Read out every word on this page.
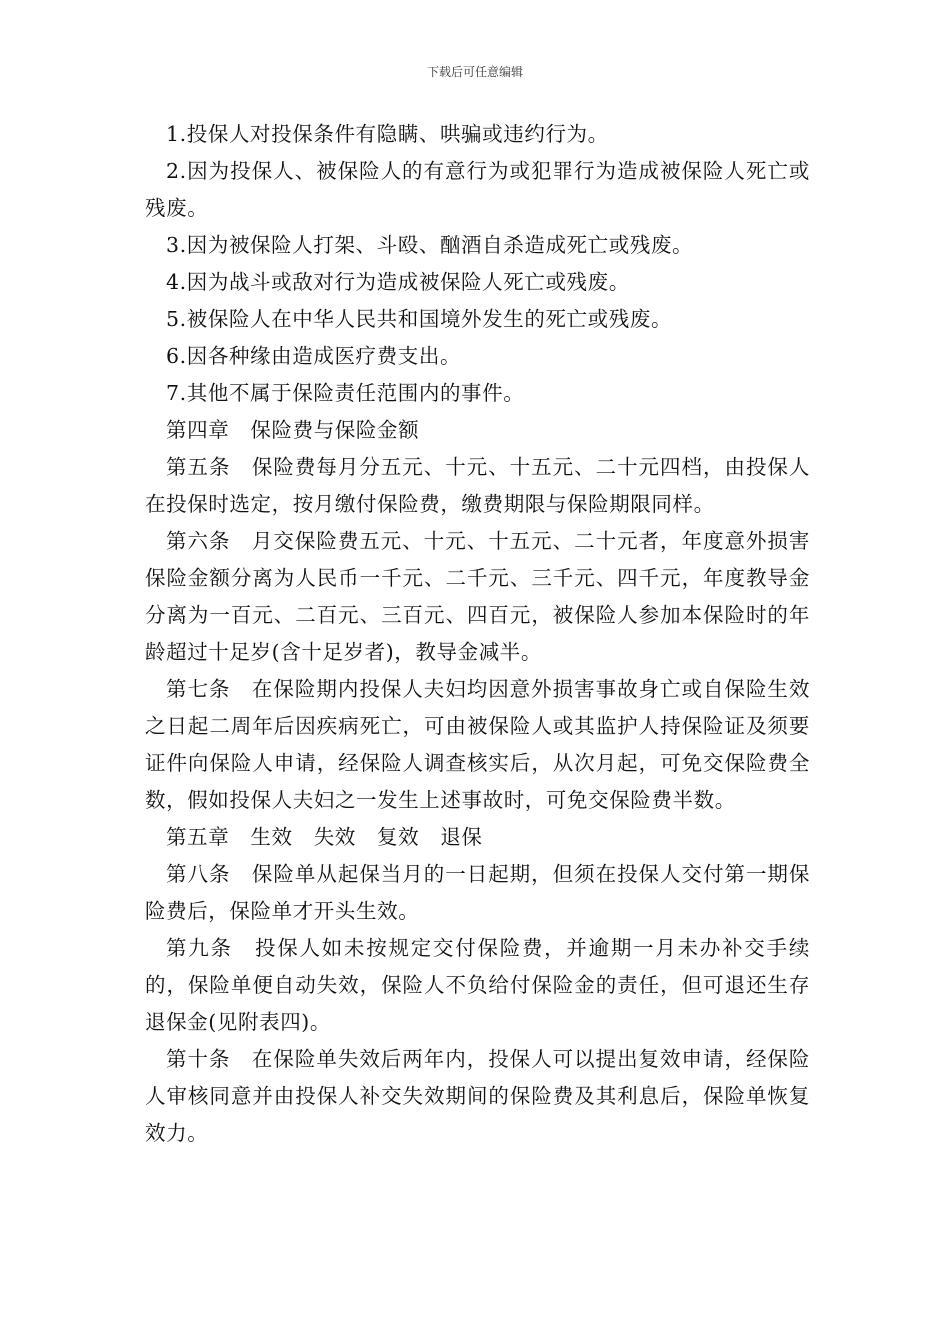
下载后可任意编辑

1.投保人对投保条件有隐瞒、哄骗或违约行为。

2.因为投保人、被保险人的有意行为或犯罪行为造成被保险人死亡或残废。

3.因为被保险人打架、斗殴、酗酒自杀造成死亡或残废。

4.因为战斗或敌对行为造成被保险人死亡或残废。

5.被保险人在中华人民共和国境外发生的死亡或残废。

6.因各种缘由造成医疗费支出。

7.其他不属于保险责任范围内的事件。

第四章　保险费与保险金额

第五条　保险费每月分五元、十元、十五元、二十元四档，由投保人在投保时选定，按月缴付保险费，缴费期限与保险期限同样。

第六条　月交保险费五元、十元、十五元、二十元者，年度意外损害保险金额分离为人民币一千元、二千元、三千元、四千元，年度教导金分离为一百元、二百元、三百元、四百元，被保险人参加本保险时的年龄超过十足岁(含十足岁者)，教导金减半。

第七条　在保险期内投保人夫妇均因意外损害事故身亡或自保险生效之日起二周年后因疾病死亡，可由被保险人或其监护人持保险证及须要证件向保险人申请，经保险人调查核实后，从次月起，可免交保险费全数，假如投保人夫妇之一发生上述事故时，可免交保险费半数。

第五章　生效　失效　复效　退保

第八条　保险单从起保当月的一日起期，但须在投保人交付第一期保险费后，保险单才开头生效。

第九条　投保人如未按规定交付保险费，并逾期一月未办补交手续的，保险单便自动失效，保险人不负给付保险金的责任，但可退还生存退保金(见附表四)。

第十条　在保险单失效后两年内，投保人可以提出复效申请，经保险人审核同意并由投保人补交失效期间的保险费及其利息后，保险单恢复效力。
